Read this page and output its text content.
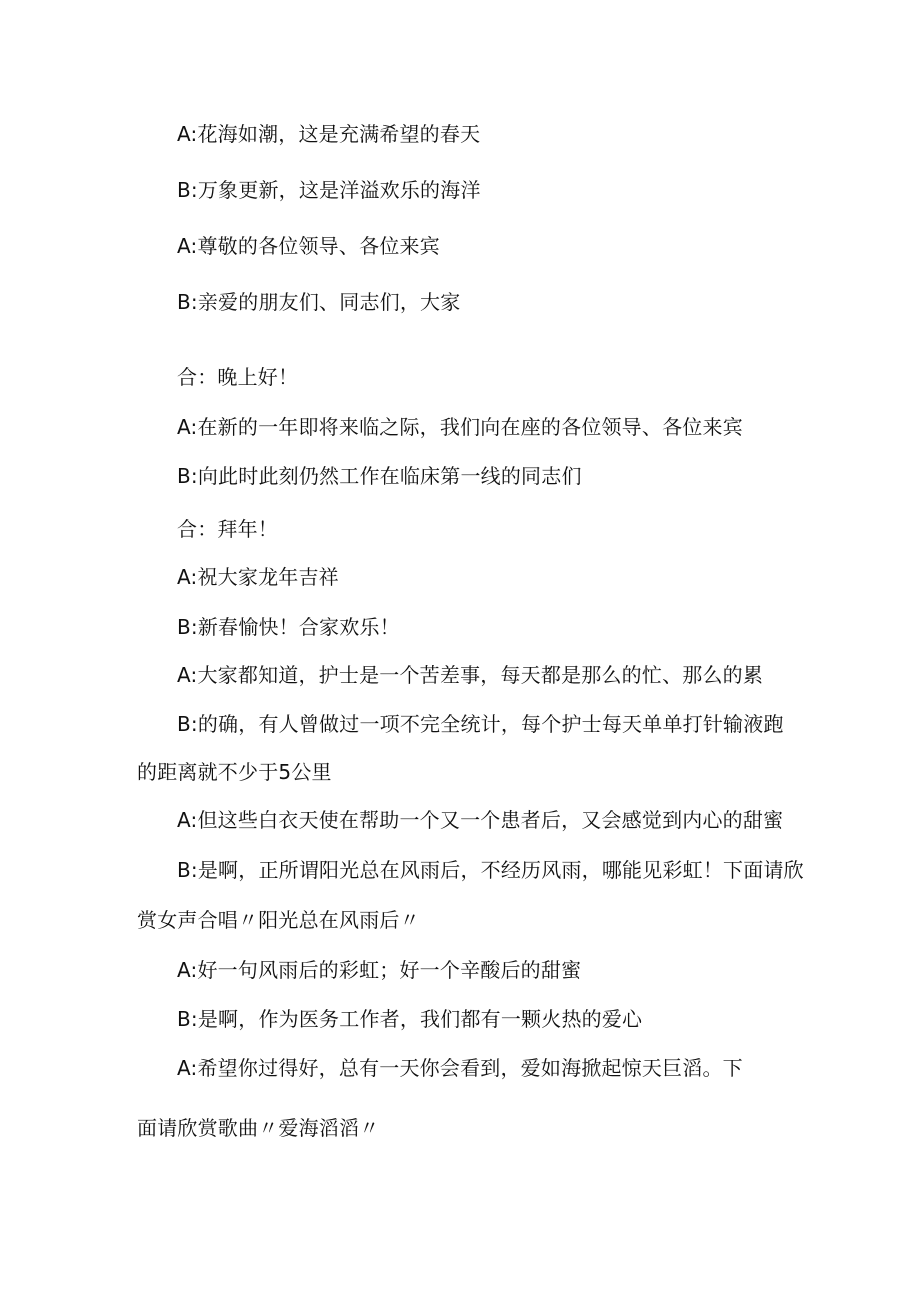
A:花海如潮，这是充满希望的春天
B:万象更新，这是洋溢欢乐的海洋
A:尊敬的各位领导、各位来宾
B:亲爱的朋友们、同志们，大家
合：晚上好！
A:在新的一年即将来临之际，我们向在座的各位领导、各位来宾
B:向此时此刻仍然工作在临床第一线的同志们
合：拜年！
A:祝大家龙年吉祥
B:新春愉快！合家欢乐！
A:大家都知道，护士是一个苦差事，每天都是那么的忙、那么的累
B:的确，有人曾做过一项不完全统计，每个护士每天单单打针输液跑
的距离就不少于5公里
A:但这些白衣天使在帮助一个又一个患者后，又会感觉到内心的甜蜜
B:是啊，正所谓阳光总在风雨后，不经历风雨，哪能见彩虹！下面请欣
赏女声合唱〃阳光总在风雨后〃
A:好一句风雨后的彩虹；好一个辛酸后的甜蜜
B:是啊，作为医务工作者，我们都有一颗火热的爱心
A:希望你过得好，总有一天你会看到，爱如海掀起惊天巨滔。下
面请欣赏歌曲〃爱海滔滔〃
